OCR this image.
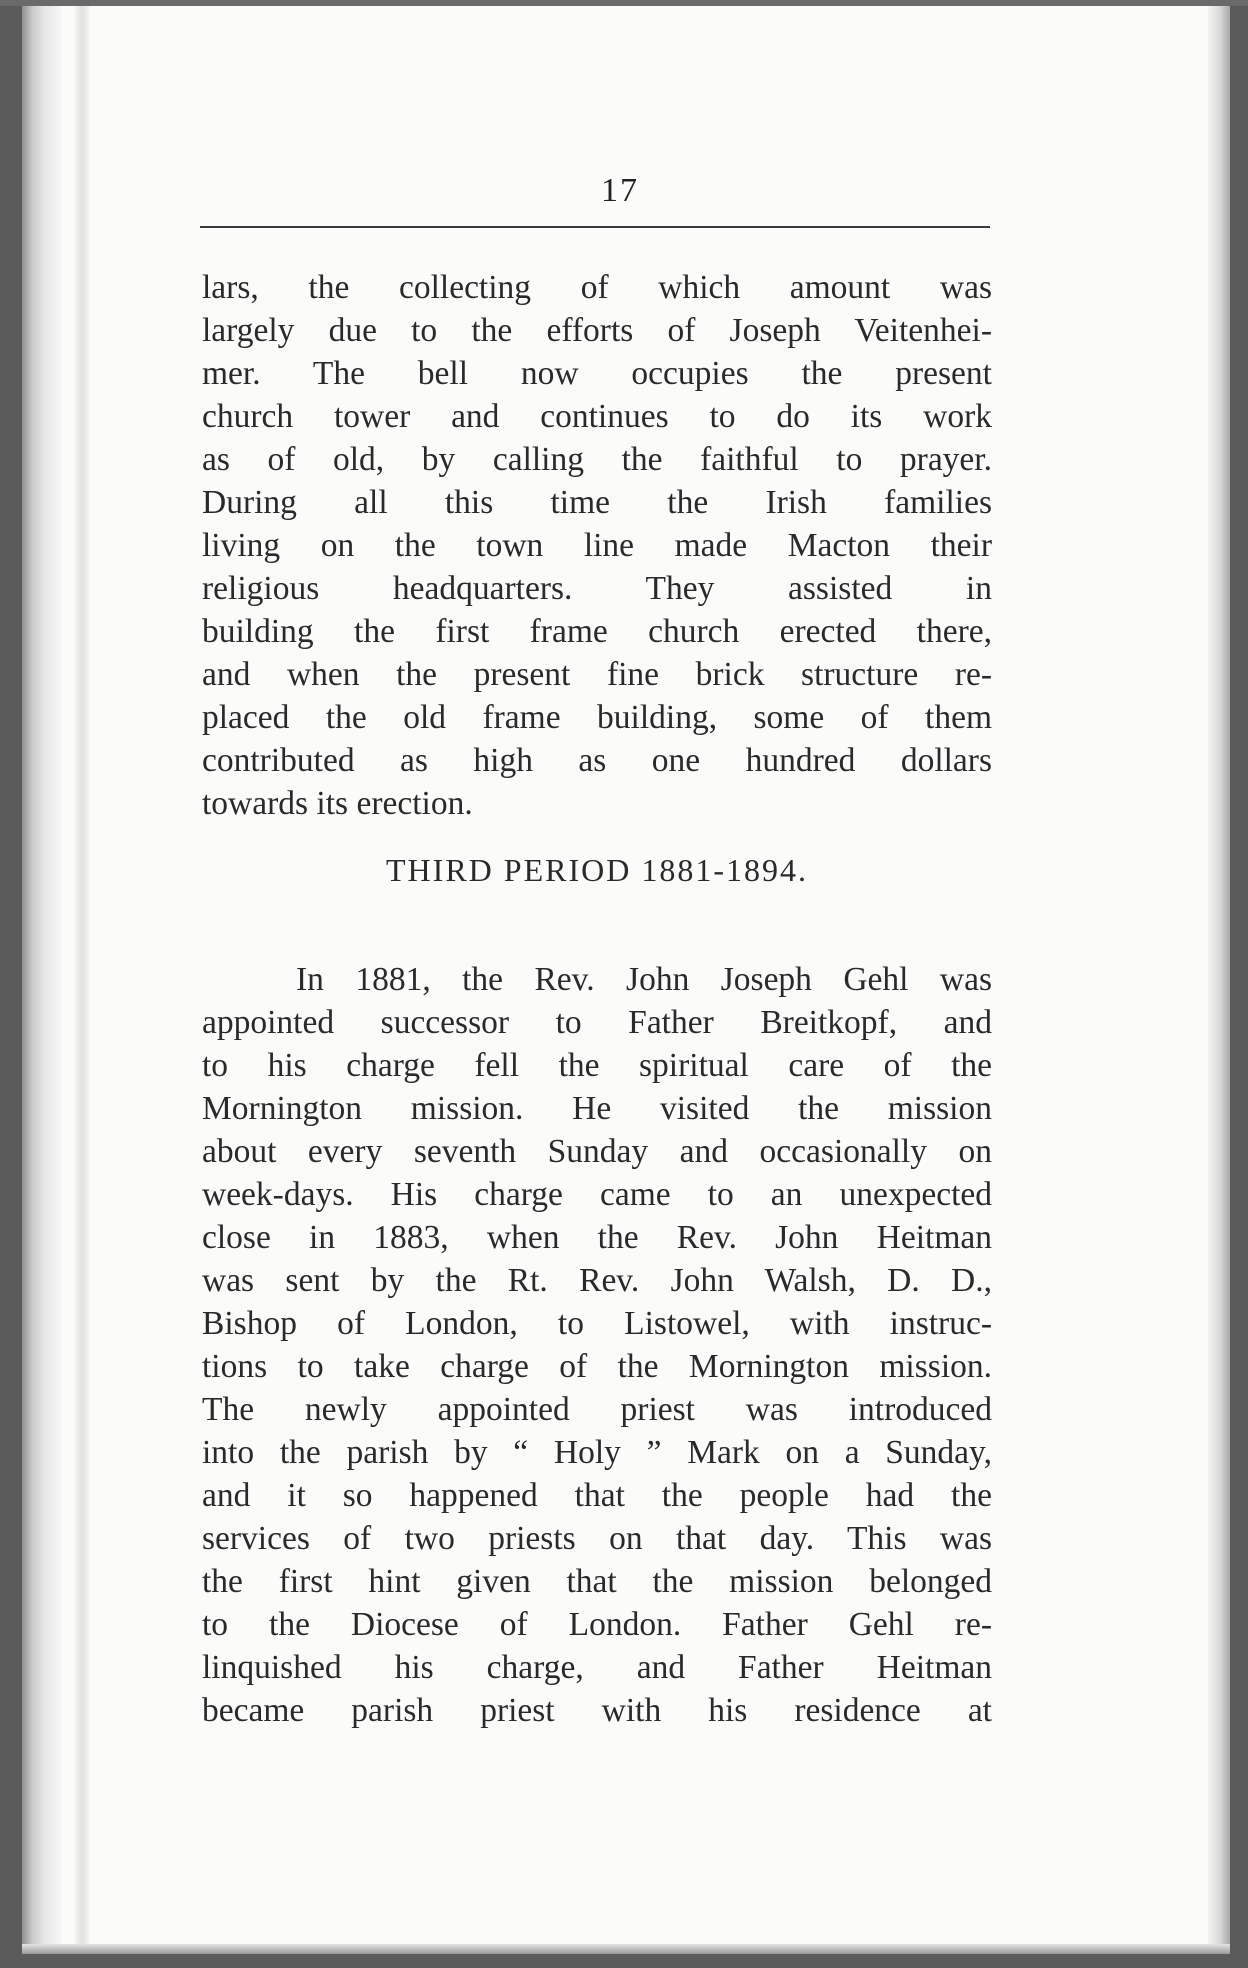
17
lars, the collecting of which amount was
largely due to the efforts of Joseph Veitenhei-
mer. The bell now occupies the present
church tower and continues to do its work
as of old, by calling the faithful to prayer.
During all this time the Irish families
living on the town line made Macton their
religious headquarters. They assisted in
building the first frame church erected there,
and when the present fine brick structure re-
placed the old frame building, some of them
contributed as high as one hundred dollars
towards its erection.
THIRD PERIOD 1881-1894.
In 1881, the Rev. John Joseph Gehl was
appointed successor to Father Breitkopf, and
to his charge fell the spiritual care of the
Mornington mission. He visited the mission
about every seventh Sunday and occasionally on
week-days. His charge came to an unexpected
close in 1883, when the Rev. John Heitman
was sent by the Rt. Rev. John Walsh, D. D.,
Bishop of London, to Listowel, with instruc-
tions to take charge of the Mornington mission.
The newly appointed priest was introduced
into the parish by “ Holy ” Mark on a Sunday,
and it so happened that the people had the
services of two priests on that day. This was
the first hint given that the mission belonged
to the Diocese of London. Father Gehl re-
linquished his charge, and Father Heitman
became parish priest with his residence at
